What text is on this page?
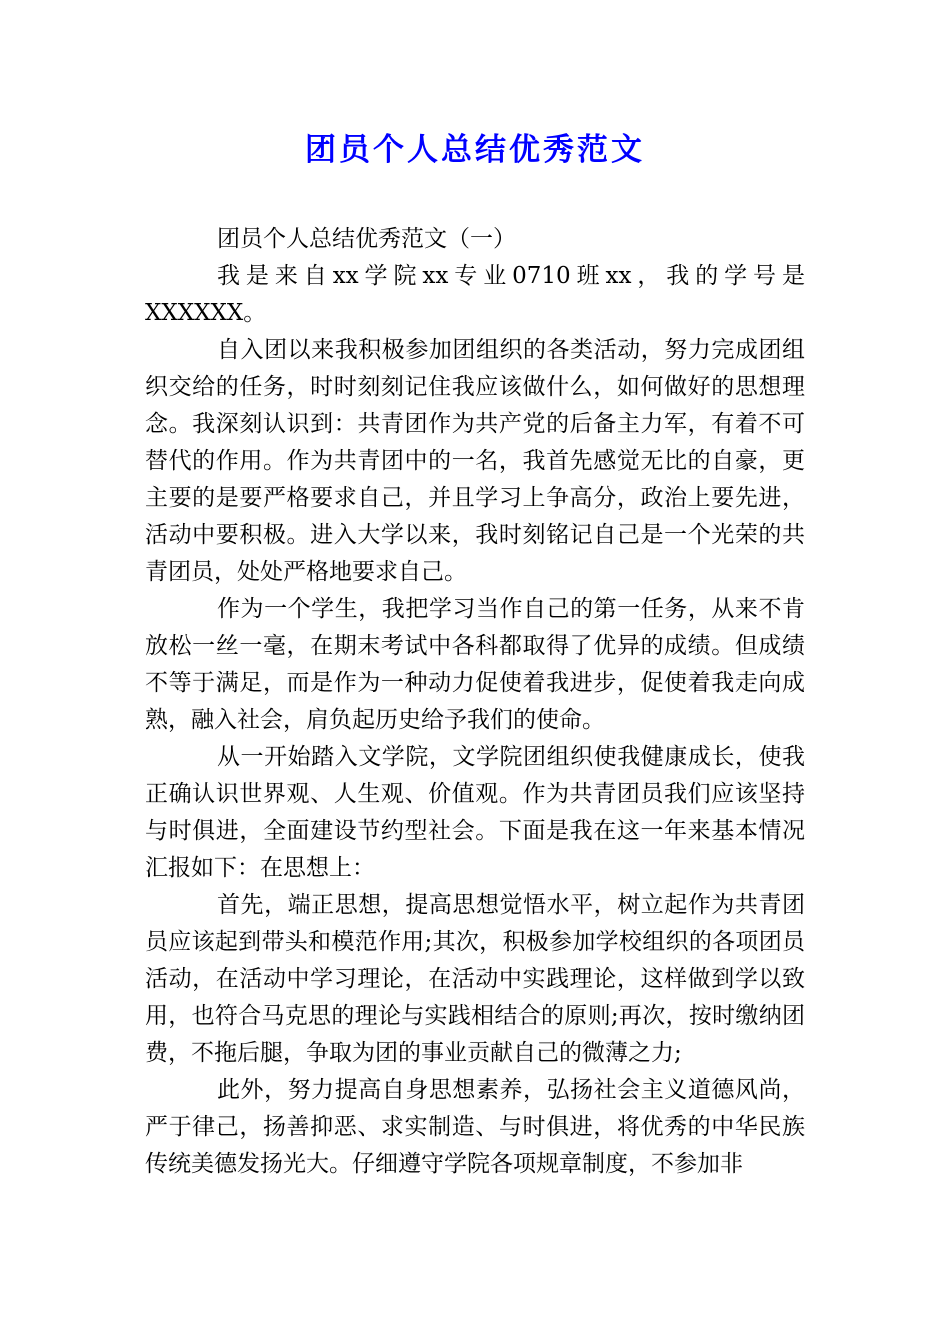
团员个人总结优秀范文

团员个人总结优秀范文（一）

我是来自xx学院xx专业0710班xx，我的学号是XXXXXX。

自入团以来我积极参加团组织的各类活动，努力完成团组织交给的任务，时时刻刻记住我应该做什么，如何做好的思想理念。我深刻认识到：共青团作为共产党的后备主力军，有着不可替代的作用。作为共青团中的一名，我首先感觉无比的自豪，更主要的是要严格要求自己，并且学习上争高分，政治上要先进，活动中要积极。进入大学以来，我时刻铭记自己是一个光荣的共青团员，处处严格地要求自己。

作为一个学生，我把学习当作自己的第一任务，从来不肯放松一丝一毫，在期末考试中各科都取得了优异的成绩。但成绩不等于满足，而是作为一种动力促使着我进步，促使着我走向成熟，融入社会，肩负起历史给予我们的使命。

从一开始踏入文学院，文学院团组织使我健康成长，使我正确认识世界观、人生观、价值观。作为共青团员我们应该坚持与时俱进，全面建设节约型社会。下面是我在这一年来基本情况汇报如下：在思想上：

首先，端正思想，提高思想觉悟水平，树立起作为共青团员应该起到带头和模范作用;其次，积极参加学校组织的各项团员活动，在活动中学习理论，在活动中实践理论，这样做到学以致用，也符合马克思的理论与实践相结合的原则;再次，按时缴纳团费，不拖后腿，争取为团的事业贡献自己的微薄之力;

此外，努力提高自身思想素养，弘扬社会主义道德风尚，严于律己，扬善抑恶、求实制造、与时俱进，将优秀的中华民族传统美德发扬光大。仔细遵守学院各项规章制度，不参加非
